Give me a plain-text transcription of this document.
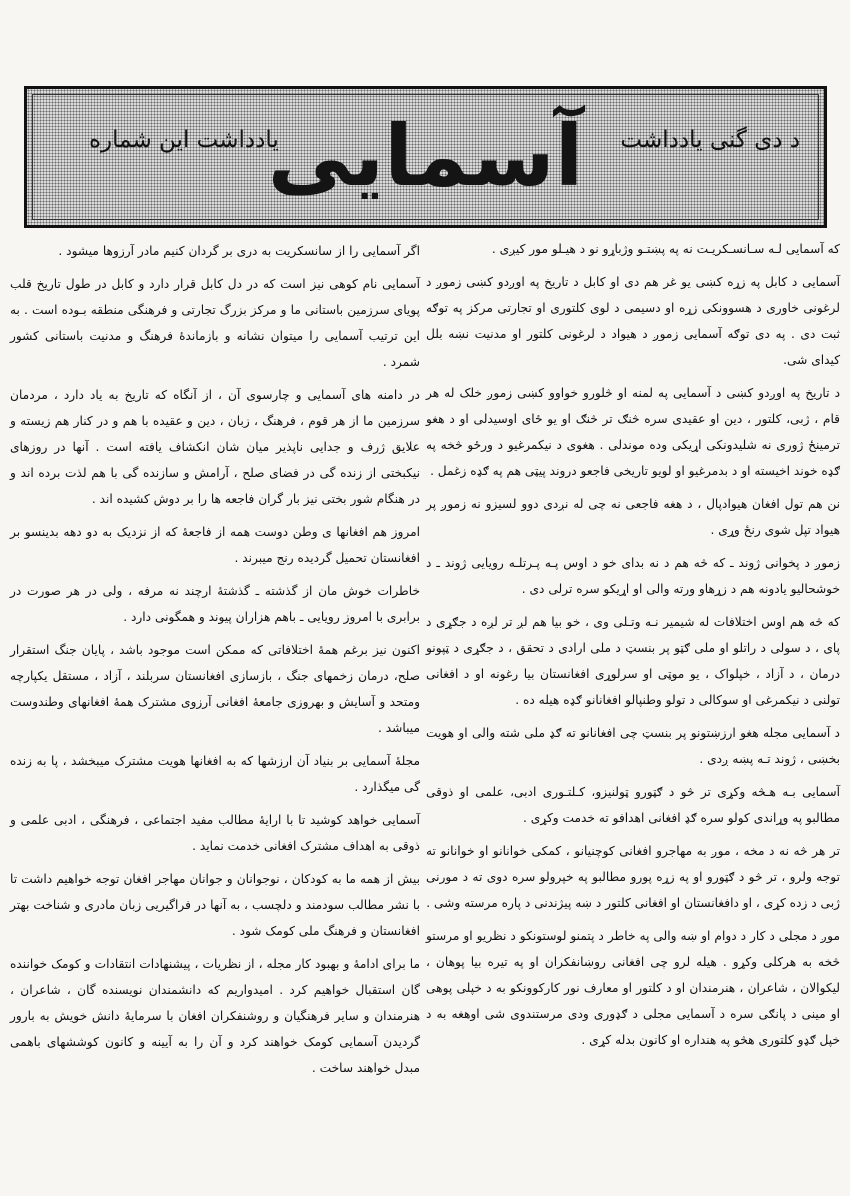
آسمایی	د دی گنی یادداشت
یادداشت این شماره

که آسمایی لـه سـانسـکریـت نه په پښتـو وژباړو نو د هیـلو مور کیږی .

آسمایی د کابل په زړه کښی یو غر هم دی او کابل د تاریخ په اوږدو کښی زموږ د لرغونی خاوری د هسوونکی زړه او دسیمی د لوی کلتوری او تجارتی مرکز په توګه ثبت دی . په دی توګه آسمایی زموږ د هیواد د لرغونی کلتور او مدنیت نښه بلل کیدای شی.

د تاریخ په اوږدو کښی د آسمایی په لمنه او څلورو خواوو کښی زموږ خلک له هر قام ، ژبی، کلتور ، دین او عقیدی سره څنګ تر څنګ او یو ځای اوسیدلی او د هغو ترمینځ ژوری نه شلیدونکی اړیکی وده موندلی . هغوی د نیکمرغیو د ورځو څخه په ګډه خوند اخیسته او د بدمرغیو او لویو تاریخی فاجعو دروند پیټی هم په ګډه زغمل .

نن هم تول افغان هیوادپال ، د هغه فاجعی نه چی له نږدی دوو لسیزو نه زموږ پر هیواد تپل شوی رنځ وړی .

زموږ د پخوانی ژوند ـ که څه هم د نه بدای خو د اوس پـه پـرتلـه رویایی ژوند ـ د خوشحالیو یادونه هم د زړهاو ورته والی او اړیکو سره ترلی دی .

که څه هم اوس اختلافات له شیمیر نـه وتـلی وی ، خو بیا هم لږ تر لږه د جګړی د پای ، د سولی د راتلو او ملی ګټو پر بنسټ د ملی ارادی د تحقق ، د جګړی د ټپونو درمان ، د آزاد ، خپلواک ، یو موټی او سرلوړی افغانستان بیا رغونه او د افغانی تولنی د نیکمرغی او سوکالی د تولو وطنپالو افغانانو ګډه هیله ده .

د آسمایی مجله هغو ارزښتونو پر بنسټ چی افغانانو ته ګډ ملی شته والی او هویت بخښی ، ژوند تـه پښه ږدی .

آسمایی بـه هـڅه وکړی تر څو د ګټورو ټولنیزو، کـلتـوری ادبی، علمی او ذوقی مطالبو په وړاندی کولو سره ګډ افغانی اهدافو ته خدمت وکړی .

تر هر څه نه د مخه ، موږ به مهاجرو افغانی کوچنیانو ، کمکی خوانانو او خوانانو ته توجه ولرو ، تر څو د ګټورو او په زړه پورو مطالبو په خپرولو سره دوی ته د مورنی ژبی د زده کړی ، او دافغانستان او افغانی کلتور د ښه پیژندنی د پاره مرسته وشی .

موږ د مجلی د کار د دوام او ښه والی په خاطر د پتمنو لوستونکو د نظریو او مرستو څخه به هرکلی وکړو . هیله لرو چی افغانی روښانفکران او په تیره بیا پوهان ، لیکوالان ، شاعران ، هنرمندان او د کلتور او معارف نور کارکوونکو به د خپلی پوهی او مینی د پانګی سره د آسمایی مجلی د ګډوری ودی مرستندوی شی اوهغه به د خپل ګډو کلتوری هڅو په هنداره او کانون بدله کړی .

اگر آسمایی را از سانسکریت به دری بر گردان کنیم مادر آرزوها میشود .

آسمایی نام کوهی نیز است که در دل کابل قرار دارد و کابل در طول تاریخ قلب پویای سرزمین باستانی ما و مرکز بزرگ تجارتی و فرهنگی منطقه بـوده است . به این ترتیب آسمایی را میتوان نشانه و بازماندهٔ فرهنگ و مدنیت باستانی کشور شمرد .

در دامنه های آسمایی و چارسوی آن ، از آنگاه که تاریخ به یاد دارد ، مردمان سرزمین ما از هر قوم ، فرهنگ ، زبان ، دین و عقیده با هم و در کنار هم زیسته و علایق ژرف و جدایی ناپذیر میان شان انکشاف یافته است . آنها در روزهای نیکبختی از زنده گی در فضای صلح ، آرامش و سازنده گی با هم لذت برده اند و در هنگام شور بختی نیز بار گران فاجعه ها را بر دوش کشیده اند .

امروز هم افغانها ی وطن دوست همه از فاجعهٔ که از نزدیک به دو دهه بدینسو بر افغانستان تحمیل گردیده رنج میبرند .

خاطرات خوش مان از گذشته ـ گذشتهٔ ارچند نه مرفه ، ولی در هر صورت در برابری با امروز رویایی ـ باهم هزاران پیوند و همگونی دارد .

اکنون نیز برغم همهٔ اختلافاتی که ممکن است موجود باشد ، پایان جنگ استقرار صلح، درمان زخمهای جنگ ، بازسازی افغانستان سربلند ، آزاد ، مستقل یکپارچه ومتحد و آسایش و بهروزی جامعهٔ افغانی آرزوی مشترک همهٔ افغانهای وطندوست میباشد .

مجلهٔ آسمایی بر بنیاد آن ارزشها که به افغانها هویت مشترک میبخشد ، پا به زنده گی میگذارد .

آسمایی خواهد کوشید تا با ارایهٔ مطالب مفید اجتماعی ، فرهنگی ، ادبی علمی و ذوقی به اهداف مشترک افغانی خدمت نماید .

بیش از همه ما به کودکان ، نوجوانان و جوانان مهاجر افغان توجه خواهیم داشت تا با نشر مطالب سودمند و دلچسب ، به آنها در فراگیریی زبان مادری و شناخت بهتر افغانستان و فرهنگ ملی کومک شود .

ما برای ادامهٔ و بهبود کار مجله ، از نظریات ، پیشنهادات انتقادات و کومک خواننده گان استقبال خواهیم کرد . امیدواریم که دانشمندان نویسنده گان ، شاعران ، هنرمندان و سایر فرهنگیان و روشنفکران افغان با سرمایهٔ دانش خویش به بارور گردیدن آسمایی کومک خواهند کرد و آن را به آیینه و کانون کوششهای باهمی مبدل خواهند ساخت .
